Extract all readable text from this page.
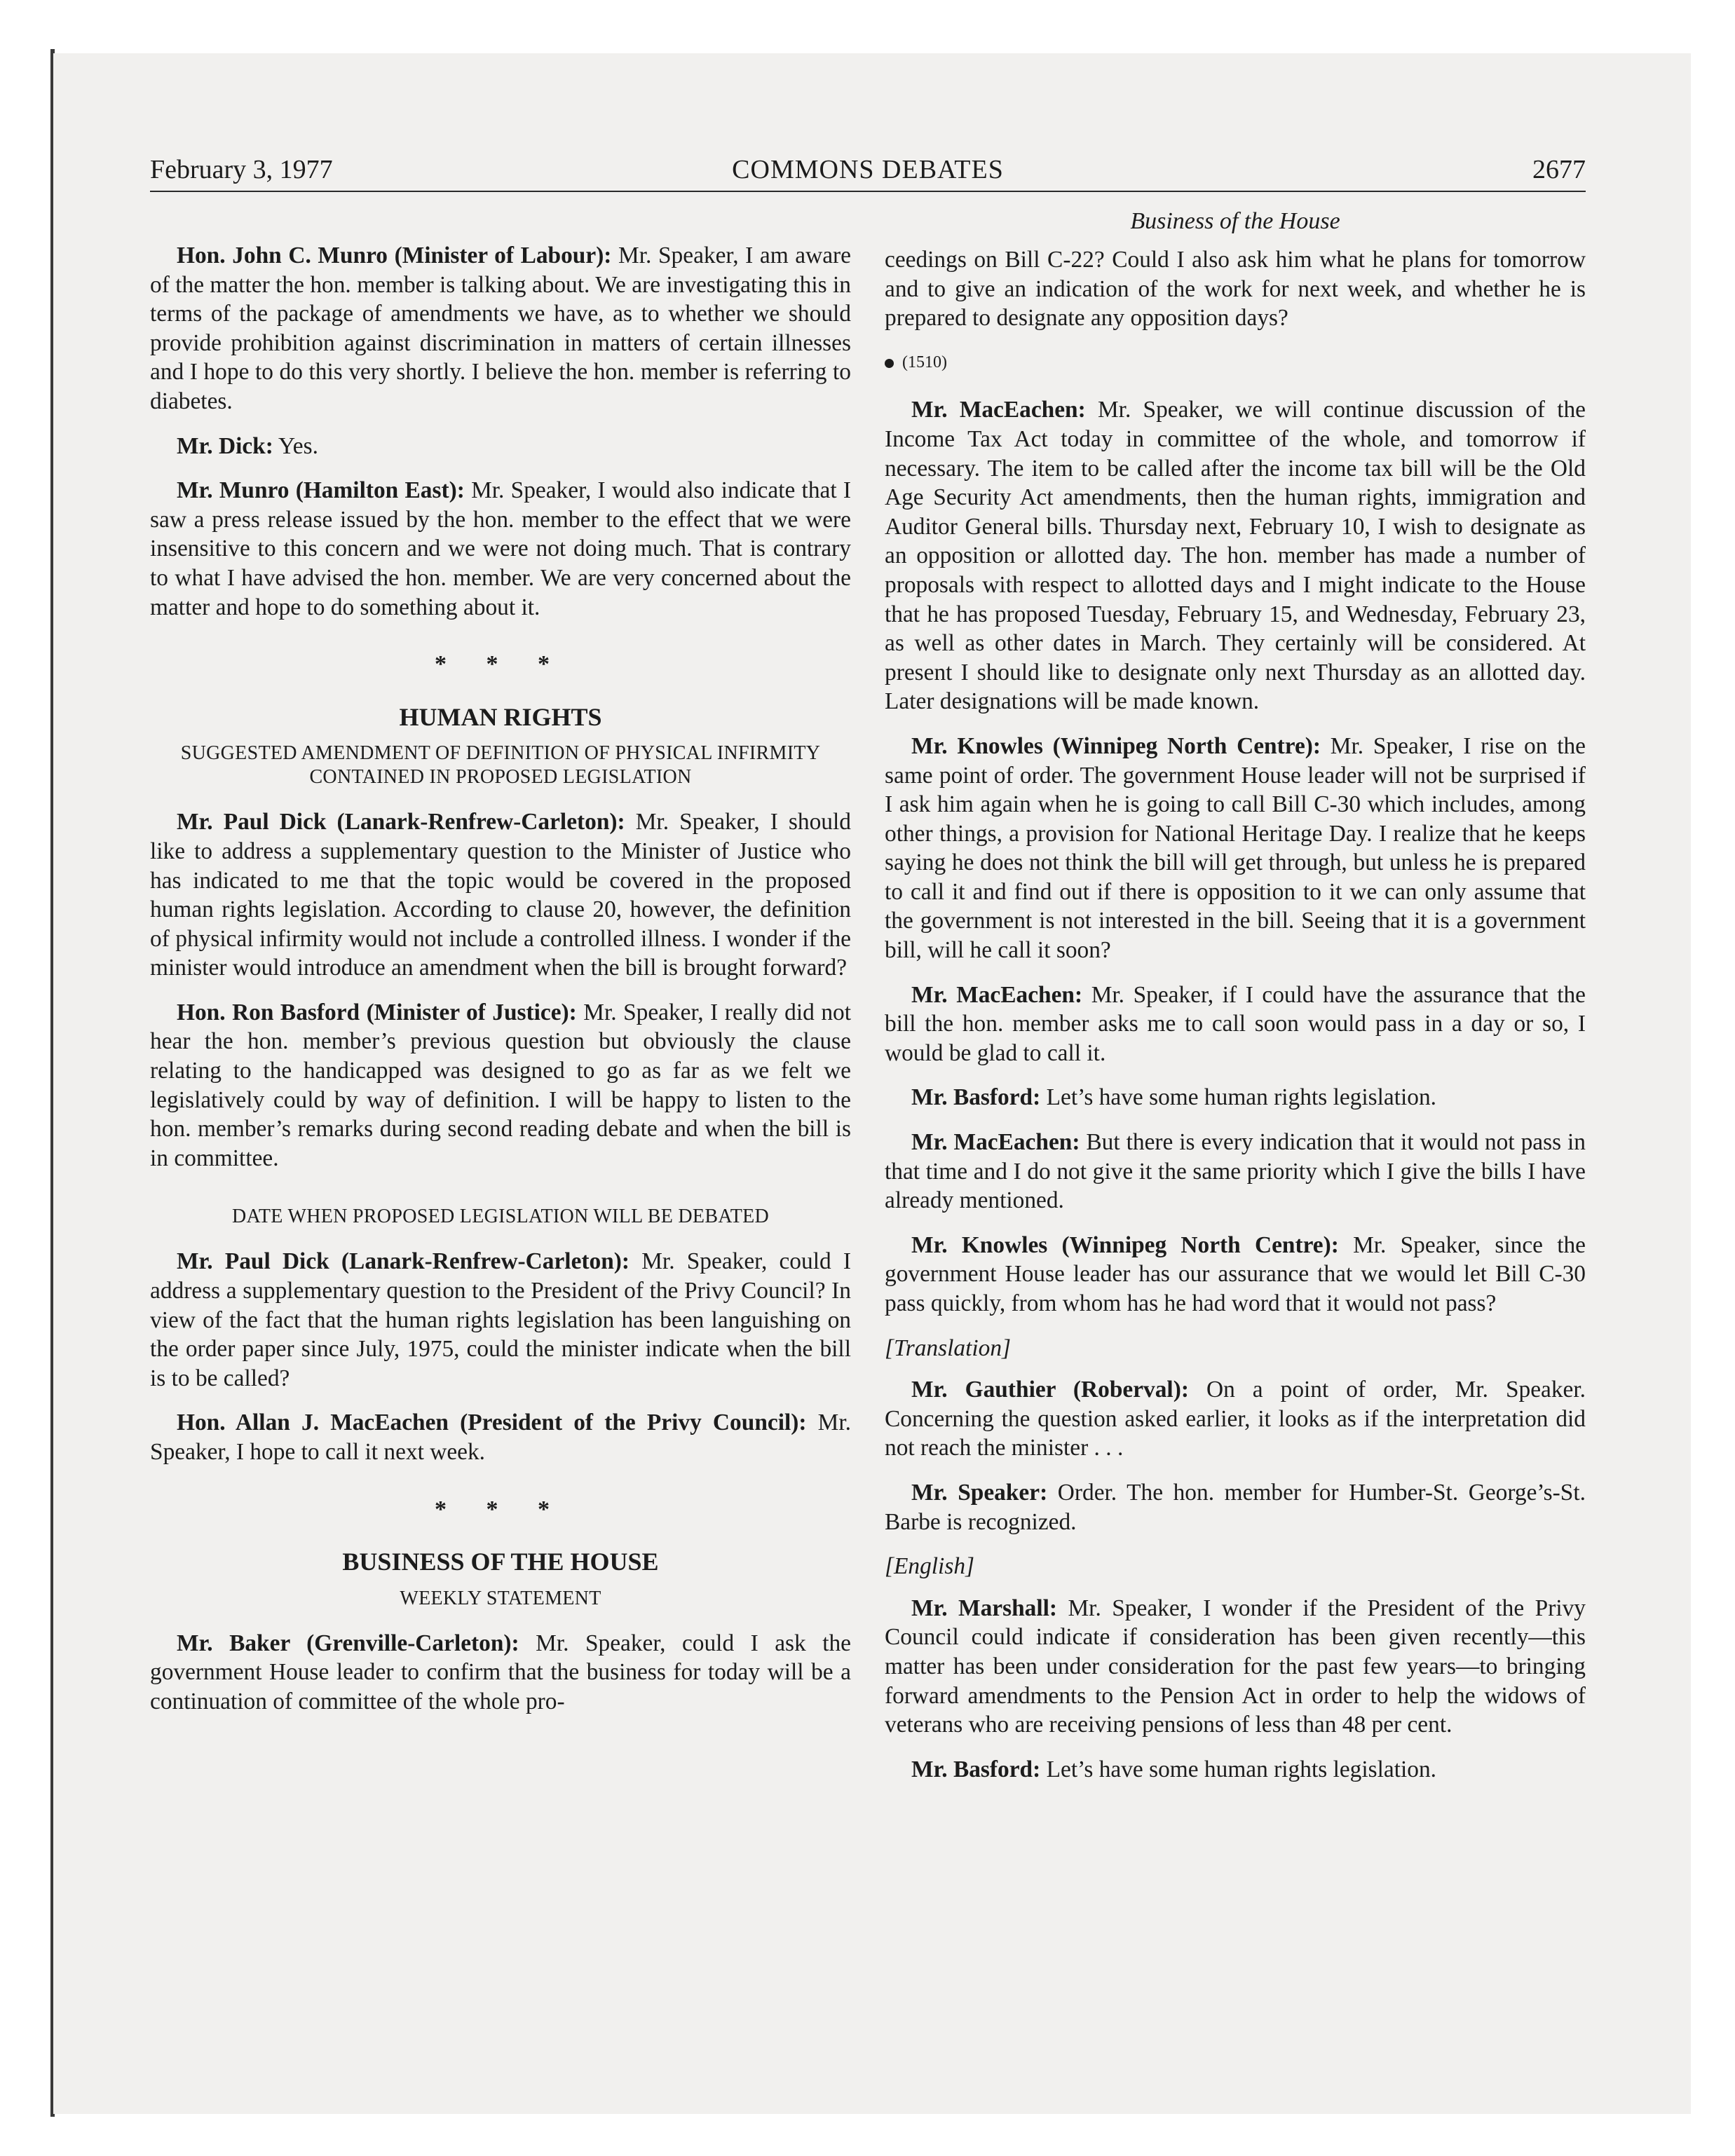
February 3, 1977	COMMONS DEBATES	2677

Hon. John C. Munro (Minister of Labour): Mr. Speaker, I am aware of the matter the hon. member is talking about. We are investigating this in terms of the package of amendments we have, as to whether we should provide prohibition against discrimination in matters of certain illnesses and I hope to do this very shortly. I believe the hon. member is referring to diabetes.

Mr. Dick: Yes.

Mr. Munro (Hamilton East): Mr. Speaker, I would also indicate that I saw a press release issued by the hon. member to the effect that we were insensitive to this concern and we were not doing much. That is contrary to what I have advised the hon. member. We are very concerned about the matter and hope to do something about it.

* * *
HUMAN RIGHTS
SUGGESTED AMENDMENT OF DEFINITION OF PHYSICAL INFIRMITY CONTAINED IN PROPOSED LEGISLATION

Mr. Paul Dick (Lanark-Renfrew-Carleton): Mr. Speaker, I should like to address a supplementary question to the Minister of Justice who has indicated to me that the topic would be covered in the proposed human rights legislation. According to clause 20, however, the definition of physical infirmity would not include a controlled illness. I wonder if the minister would introduce an amendment when the bill is brought forward?

Hon. Ron Basford (Minister of Justice): Mr. Speaker, I really did not hear the hon. member’s previous question but obviously the clause relating to the handicapped was designed to go as far as we felt we legislatively could by way of definition. I will be happy to listen to the hon. member’s remarks during second reading debate and when the bill is in committee.

DATE WHEN PROPOSED LEGISLATION WILL BE DEBATED

Mr. Paul Dick (Lanark-Renfrew-Carleton): Mr. Speaker, could I address a supplementary question to the President of the Privy Council? In view of the fact that the human rights legislation has been languishing on the order paper since July, 1975, could the minister indicate when the bill is to be called?

Hon. Allan J. MacEachen (President of the Privy Council): Mr. Speaker, I hope to call it next week.

* * *
BUSINESS OF THE HOUSE
WEEKLY STATEMENT

Mr. Baker (Grenville-Carleton): Mr. Speaker, could I ask the government House leader to confirm that the business for today will be a continuation of committee of the whole pro-

Business of the House

ceedings on Bill C-22? Could I also ask him what he plans for tomorrow and to give an indication of the work for next week, and whether he is prepared to designate any opposition days?

(1510)

Mr. MacEachen: Mr. Speaker, we will continue discussion of the Income Tax Act today in committee of the whole, and tomorrow if necessary. The item to be called after the income tax bill will be the Old Age Security Act amendments, then the human rights, immigration and Auditor General bills. Thursday next, February 10, I wish to designate as an opposition or allotted day. The hon. member has made a number of proposals with respect to allotted days and I might indicate to the House that he has proposed Tuesday, February 15, and Wednesday, February 23, as well as other dates in March. They certainly will be considered. At present I should like to designate only next Thursday as an allotted day. Later designations will be made known.

Mr. Knowles (Winnipeg North Centre): Mr. Speaker, I rise on the same point of order. The government House leader will not be surprised if I ask him again when he is going to call Bill C-30 which includes, among other things, a provision for National Heritage Day. I realize that he keeps saying he does not think the bill will get through, but unless he is prepared to call it and find out if there is opposition to it we can only assume that the government is not interested in the bill. Seeing that it is a government bill, will he call it soon?

Mr. MacEachen: Mr. Speaker, if I could have the assurance that the bill the hon. member asks me to call soon would pass in a day or so, I would be glad to call it.

Mr. Basford: Let’s have some human rights legislation.

Mr. MacEachen: But there is every indication that it would not pass in that time and I do not give it the same priority which I give the bills I have already mentioned.

Mr. Knowles (Winnipeg North Centre): Mr. Speaker, since the government House leader has our assurance that we would let Bill C-30 pass quickly, from whom has he had word that it would not pass?

[Translation]

Mr. Gauthier (Roberval): On a point of order, Mr. Speaker. Concerning the question asked earlier, it looks as if the interpretation did not reach the minister . . .

Mr. Speaker: Order. The hon. member for Humber-St. George’s-St. Barbe is recognized.

[English]

Mr. Marshall: Mr. Speaker, I wonder if the President of the Privy Council could indicate if consideration has been given recently—this matter has been under consideration for the past few years—to bringing forward amendments to the Pension Act in order to help the widows of veterans who are receiving pensions of less than 48 per cent.

Mr. Basford: Let’s have some human rights legislation.
